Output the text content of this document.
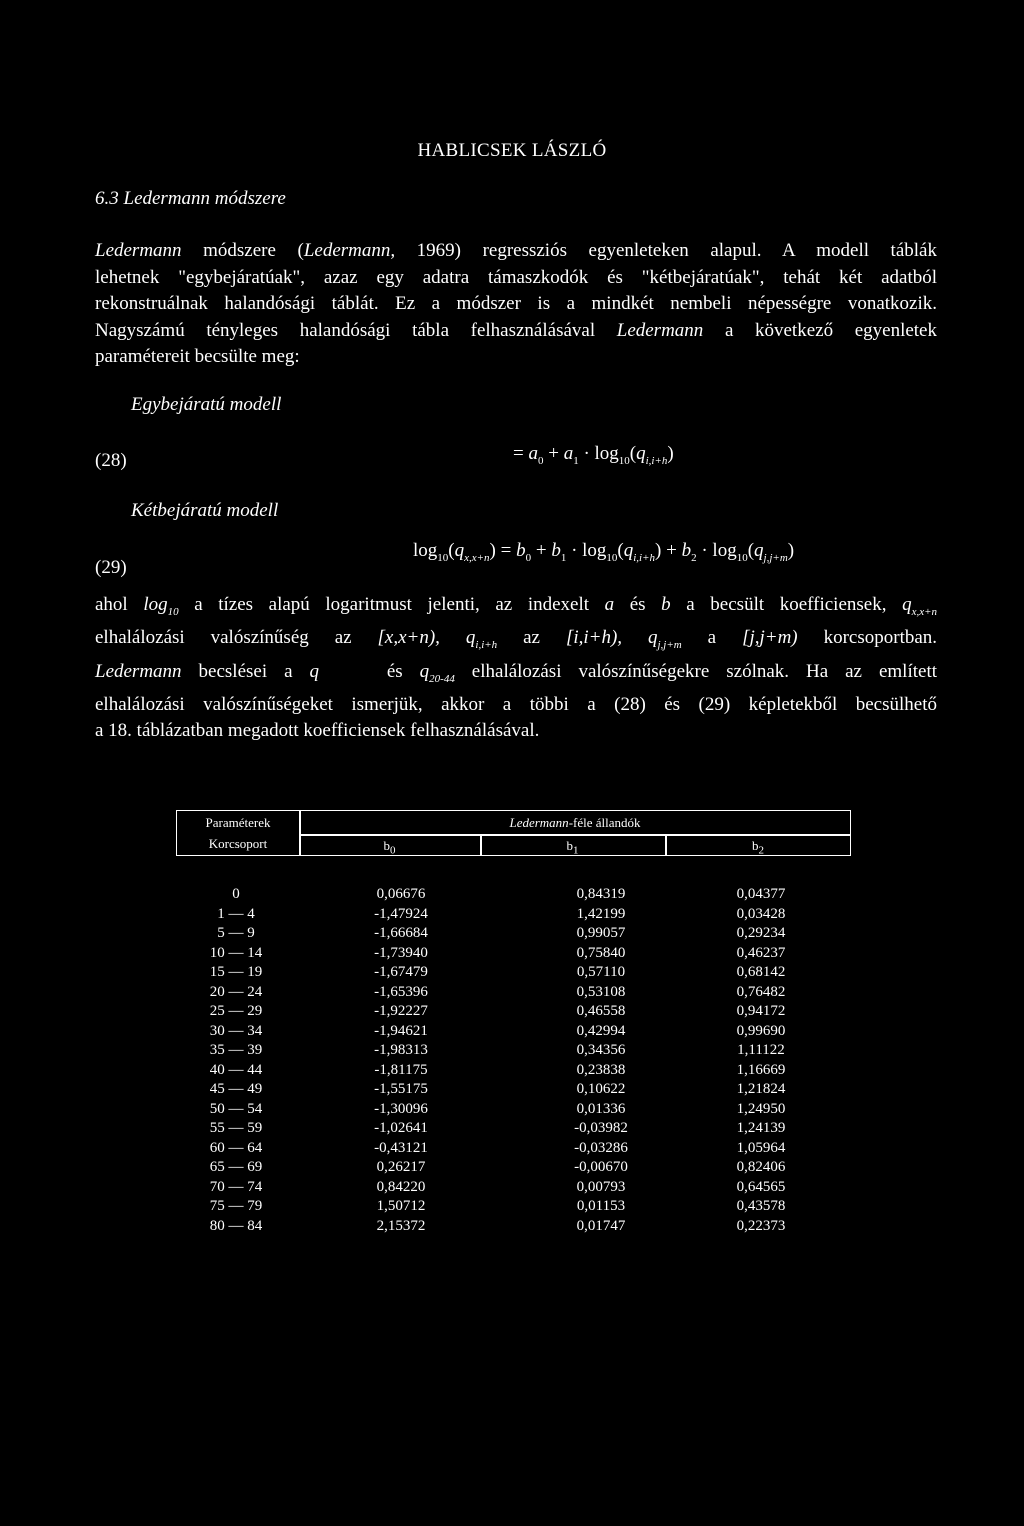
HABLICSEK LÁSZLÓ
6.3 Ledermann módszere
Ledermann módszere (Ledermann, 1969) regressziós egyenleteken alapul. A modell táblák
lehetnek "egybejáratúak", azaz egy adatra támaszkodók és "kétbejáratúak", tehát két adatból
rekonstruálnak halandósági táblát. Ez a módszer is a mindkét nembeli népességre vonatkozik.
Nagyszámú tényleges halandósági tábla felhasználásával Ledermann a következő egyenletek
paramétereit becsülte meg:
Egybejáratú modell
(28)	= $a_0 + a_1 \cdot \log_{10}(q_{i,i+h})$
Kétbejáratú modell
(29)
$\log_{10}(q_{x,x+n}) = b_0 + b_1 \cdot \log_{10}(q_{i,i+h}) + b_2 \cdot \log_{10}(q_{j,j+m})$
ahol $\log_{10} a$ tízes alapú logaritmust jelenti, az indexelt a és b a becsült koefficiensek, $q_{x,x+n}$
elhalálozási valószínűség az [x,x+n), $q_{i,i+h}$ az [i,i+h), $q_{j,j+m}$ a [j,j+m) korcsoportban.
Ledermann becslései a q	és $q_{20-44}$ elhalálozási valószínűségekre szólnak. Ha az említett
elhalálozási valószínűségeket ismerjük, akkor a többi a (28) és (29) képletekből becsülhető
a 18. táblázatban megadott koefficiensek felhasználásával.
Paraméterek
Korcsoport
Ledermann-féle állandók
$b_0$	$b_1$	$b_2$
0	0,06676	0,84319	0,04377
1 — 4	-1,47924	1,42199	0,03428
5 — 9	-1,66684	0,99057	0,29234
10 — 14	-1,73940	0,75840	0,46237
15 — 19	-1,67479	0,57110	0,68142
20 — 24	-1,65396	0,53108	0,76482
25 — 29	-1,92227	0,46558	0,94172
30 — 34	-1,94621	0,42994	0,99690
35 — 39	-1,98313	0,34356	1,11122
40 — 44	-1,81175	0,23838	1,16669
45 — 49	-1,55175	0,10622	1,21824
50 — 54	-1,30096	0,01336	1,24950
55 — 59	-1,02641	-0,03982	1,24139
60 — 64	-0,43121	-0,03286	1,05964
65 — 69	0,26217	-0,00670	0,82406
70 — 74	0,84220	0,00793	0,64565
75 — 79	1,50712	0,01153	0,43578
80 — 84	2,15372	0,01747	0,22373
